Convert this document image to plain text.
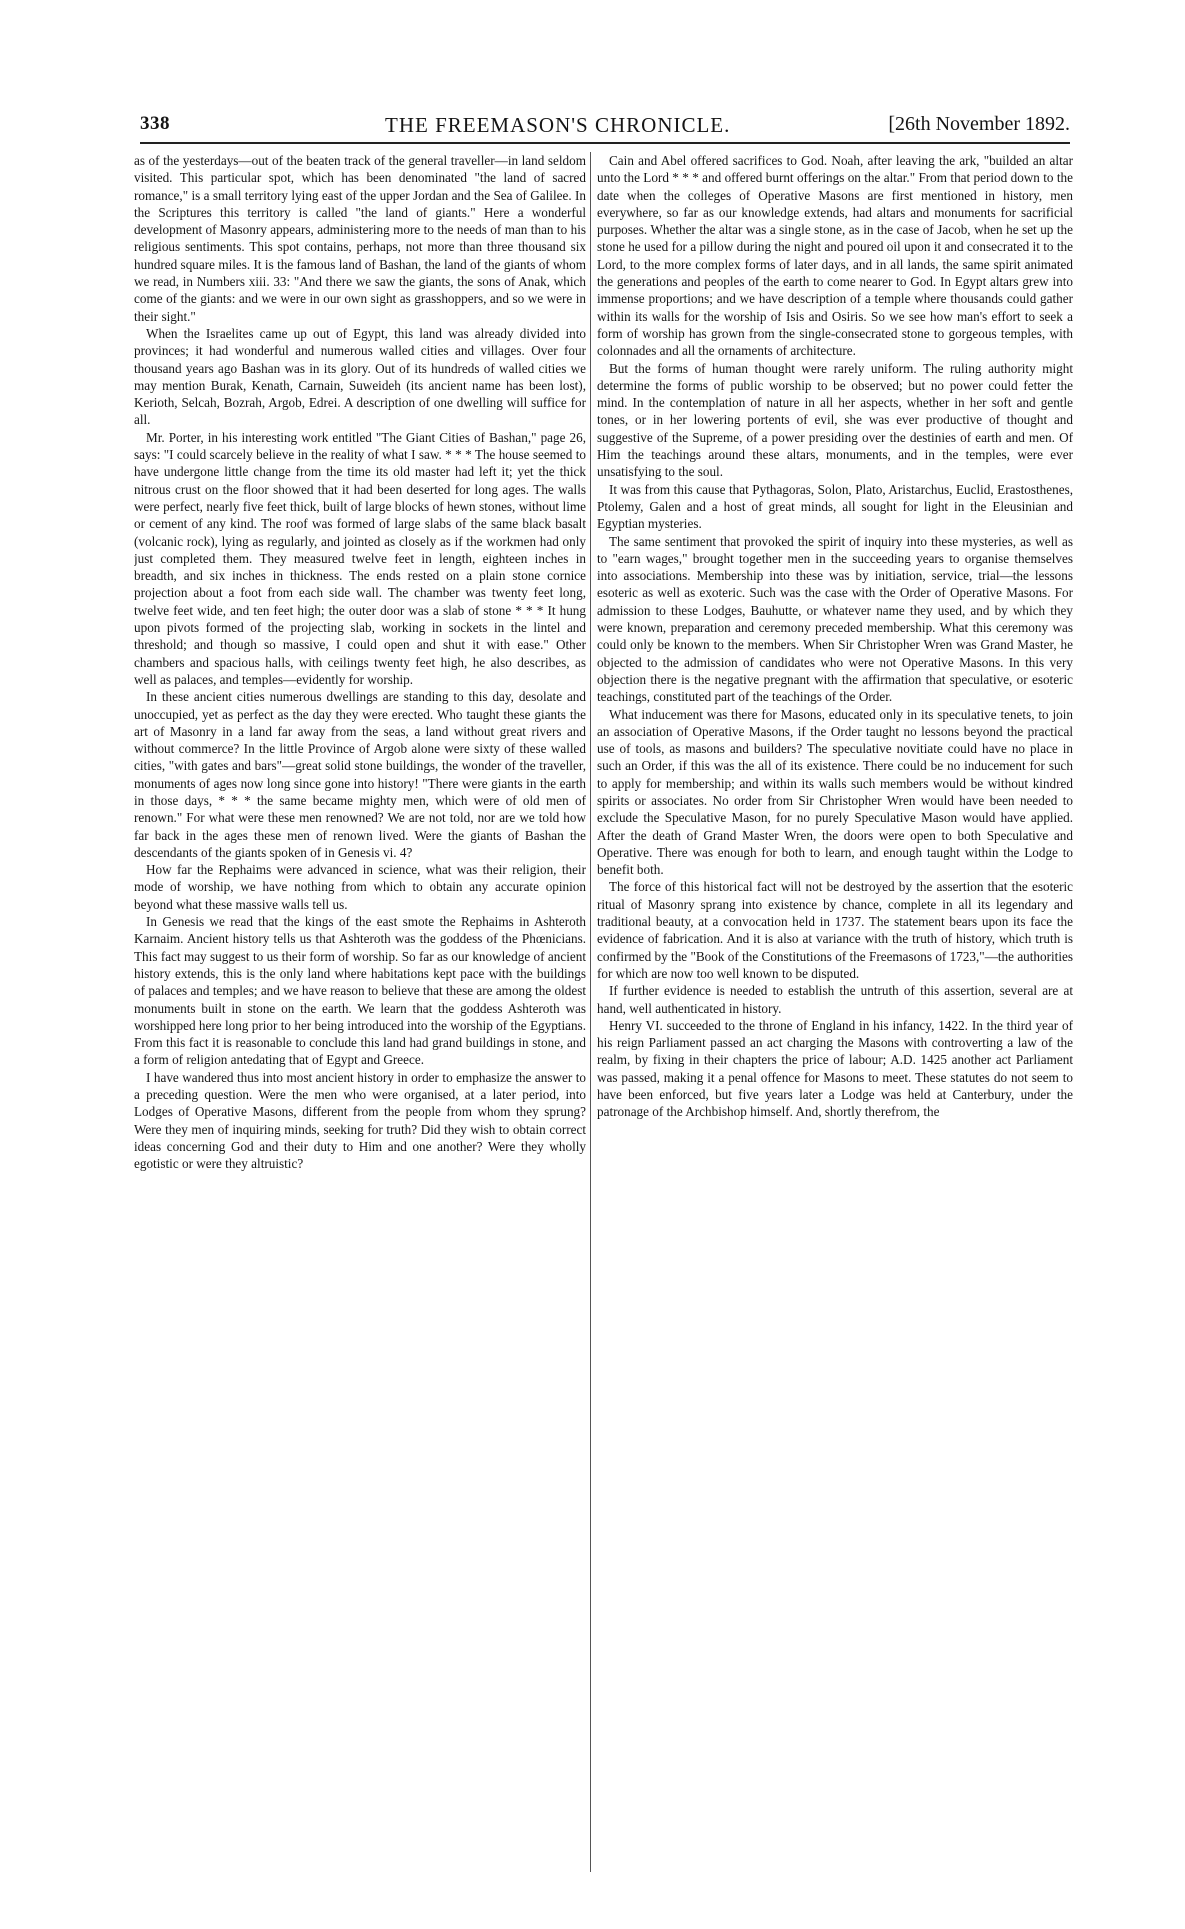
338	THE FREEMASON'S CHRONICLE.	[26th November 1892.

as of the yesterdays—out of the beaten track of the general traveller—in land seldom visited. This particular spot, which has been denominated "the land of sacred romance," is a small territory lying east of the upper Jordan and the Sea of Galilee. In the Scriptures this territory is called "the land of giants." Here a wonderful development of Masonry appears, administering more to the needs of man than to his religious sentiments. This spot contains, perhaps, not more than three thousand six hundred square miles. It is the famous land of Bashan, the land of the giants of whom we read, in Numbers xiii. 33: "And there we saw the giants, the sons of Anak, which come of the giants: and we were in our own sight as grasshoppers, and so we were in their sight."

When the Israelites came up out of Egypt, this land was already divided into provinces; it had wonderful and numerous walled cities and villages. Over four thousand years ago Bashan was in its glory. Out of its hundreds of walled cities we may mention Burak, Kenath, Carnain, Suweideh (its ancient name has been lost), Kerioth, Selcah, Bozrah, Argob, Edrei. A description of one dwelling will suffice for all.

Mr. Porter, in his interesting work entitled "The Giant Cities of Bashan," page 26, says: "I could scarcely believe in the reality of what I saw. * * * The house seemed to have undergone little change from the time its old master had left it; yet the thick nitrous crust on the floor showed that it had been deserted for long ages. The walls were perfect, nearly five feet thick, built of large blocks of hewn stones, without lime or cement of any kind. The roof was formed of large slabs of the same black basalt (volcanic rock), lying as regularly, and jointed as closely as if the workmen had only just completed them. They measured twelve feet in length, eighteen inches in breadth, and six inches in thickness. The ends rested on a plain stone cornice projection about a foot from each side wall. The chamber was twenty feet long, twelve feet wide, and ten feet high; the outer door was a slab of stone * * * It hung upon pivots formed of the projecting slab, working in sockets in the lintel and threshold; and though so massive, I could open and shut it with ease." Other chambers and spacious halls, with ceilings twenty feet high, he also describes, as well as palaces, and temples—evidently for worship.

In these ancient cities numerous dwellings are standing to this day, desolate and unoccupied, yet as perfect as the day they were erected. Who taught these giants the art of Masonry in a land far away from the seas, a land without great rivers and without commerce? In the little Province of Argob alone were sixty of these walled cities, "with gates and bars"—great solid stone buildings, the wonder of the traveller, monuments of ages now long since gone into history! "There were giants in the earth in those days, * * * the same became mighty men, which were of old men of renown." For what were these men renowned? We are not told, nor are we told how far back in the ages these men of renown lived. Were the giants of Bashan the descendants of the giants spoken of in Genesis vi. 4?

How far the Rephaims were advanced in science, what was their religion, their mode of worship, we have nothing from which to obtain any accurate opinion beyond what these massive walls tell us.

In Genesis we read that the kings of the east smote the Rephaims in Ashteroth Karnaim. Ancient history tells us that Ashteroth was the goddess of the Phœnicians. This fact may suggest to us their form of worship. So far as our knowledge of ancient history extends, this is the only land where habitations kept pace with the buildings of palaces and temples; and we have reason to believe that these are among the oldest monuments built in stone on the earth. We learn that the goddess Ashteroth was worshipped here long prior to her being introduced into the worship of the Egyptians. From this fact it is reasonable to conclude this land had grand buildings in stone, and a form of religion antedating that of Egypt and Greece.

I have wandered thus into most ancient history in order to emphasize the answer to a preceding question. Were the men who were organised, at a later period, into Lodges of Operative Masons, different from the people from whom they sprung? Were they men of inquiring minds, seeking for truth? Did they wish to obtain correct ideas concerning God and their duty to Him and one another? Were they wholly egotistic or were they altruistic?

Cain and Abel offered sacrifices to God. Noah, after leaving the ark, "builded an altar unto the Lord * * * and offered burnt offerings on the altar." From that period down to the date when the colleges of Operative Masons are first mentioned in history, men everywhere, so far as our knowledge extends, had altars and monuments for sacrificial purposes. Whether the altar was a single stone, as in the case of Jacob, when he set up the stone he used for a pillow during the night and poured oil upon it and consecrated it to the Lord, to the more complex forms of later days, and in all lands, the same spirit animated the generations and peoples of the earth to come nearer to God. In Egypt altars grew into immense proportions; and we have description of a temple where thousands could gather within its walls for the worship of Isis and Osiris. So we see how man's effort to seek a form of worship has grown from the single-consecrated stone to gorgeous temples, with colonnades and all the ornaments of architecture.

But the forms of human thought were rarely uniform. The ruling authority might determine the forms of public worship to be observed; but no power could fetter the mind. In the contemplation of nature in all her aspects, whether in her soft and gentle tones, or in her lowering portents of evil, she was ever productive of thought and suggestive of the Supreme, of a power presiding over the destinies of earth and men. Of Him the teachings around these altars, monuments, and in the temples, were ever unsatisfying to the soul.

It was from this cause that Pythagoras, Solon, Plato, Aristarchus, Euclid, Erastosthenes, Ptolemy, Galen and a host of great minds, all sought for light in the Eleusinian and Egyptian mysteries.

The same sentiment that provoked the spirit of inquiry into these mysteries, as well as to "earn wages," brought together men in the succeeding years to organise themselves into associations. Membership into these was by initiation, service, trial—the lessons esoteric as well as exoteric. Such was the case with the Order of Operative Masons. For admission to these Lodges, Bauhutte, or whatever name they used, and by which they were known, preparation and ceremony preceded membership. What this ceremony was could only be known to the members. When Sir Christopher Wren was Grand Master, he objected to the admission of candidates who were not Operative Masons. In this very objection there is the negative pregnant with the affirmation that speculative, or esoteric teachings, constituted part of the teachings of the Order.

What inducement was there for Masons, educated only in its speculative tenets, to join an association of Operative Masons, if the Order taught no lessons beyond the practical use of tools, as masons and builders? The speculative novitiate could have no place in such an Order, if this was the all of its existence. There could be no inducement for such to apply for membership; and within its walls such members would be without kindred spirits or associates. No order from Sir Christopher Wren would have been needed to exclude the Speculative Mason, for no purely Speculative Mason would have applied. After the death of Grand Master Wren, the doors were open to both Speculative and Operative. There was enough for both to learn, and enough taught within the Lodge to benefit both.

The force of this historical fact will not be destroyed by the assertion that the esoteric ritual of Masonry sprang into existence by chance, complete in all its legendary and traditional beauty, at a convocation held in 1737. The statement bears upon its face the evidence of fabrication. And it is also at variance with the truth of history, which truth is confirmed by the "Book of the Constitutions of the Freemasons of 1723,"—the authorities for which are now too well known to be disputed.

If further evidence is needed to establish the untruth of this assertion, several are at hand, well authenticated in history.

Henry VI. succeeded to the throne of England in his infancy, 1422. In the third year of his reign Parliament passed an act charging the Masons with controverting a law of the realm, by fixing in their chapters the price of labour; A.D. 1425 another act Parliament was passed, making it a penal offence for Masons to meet. These statutes do not seem to have been enforced, but five years later a Lodge was held at Canterbury, under the patronage of the Archbishop himself. And, shortly therefrom, the
